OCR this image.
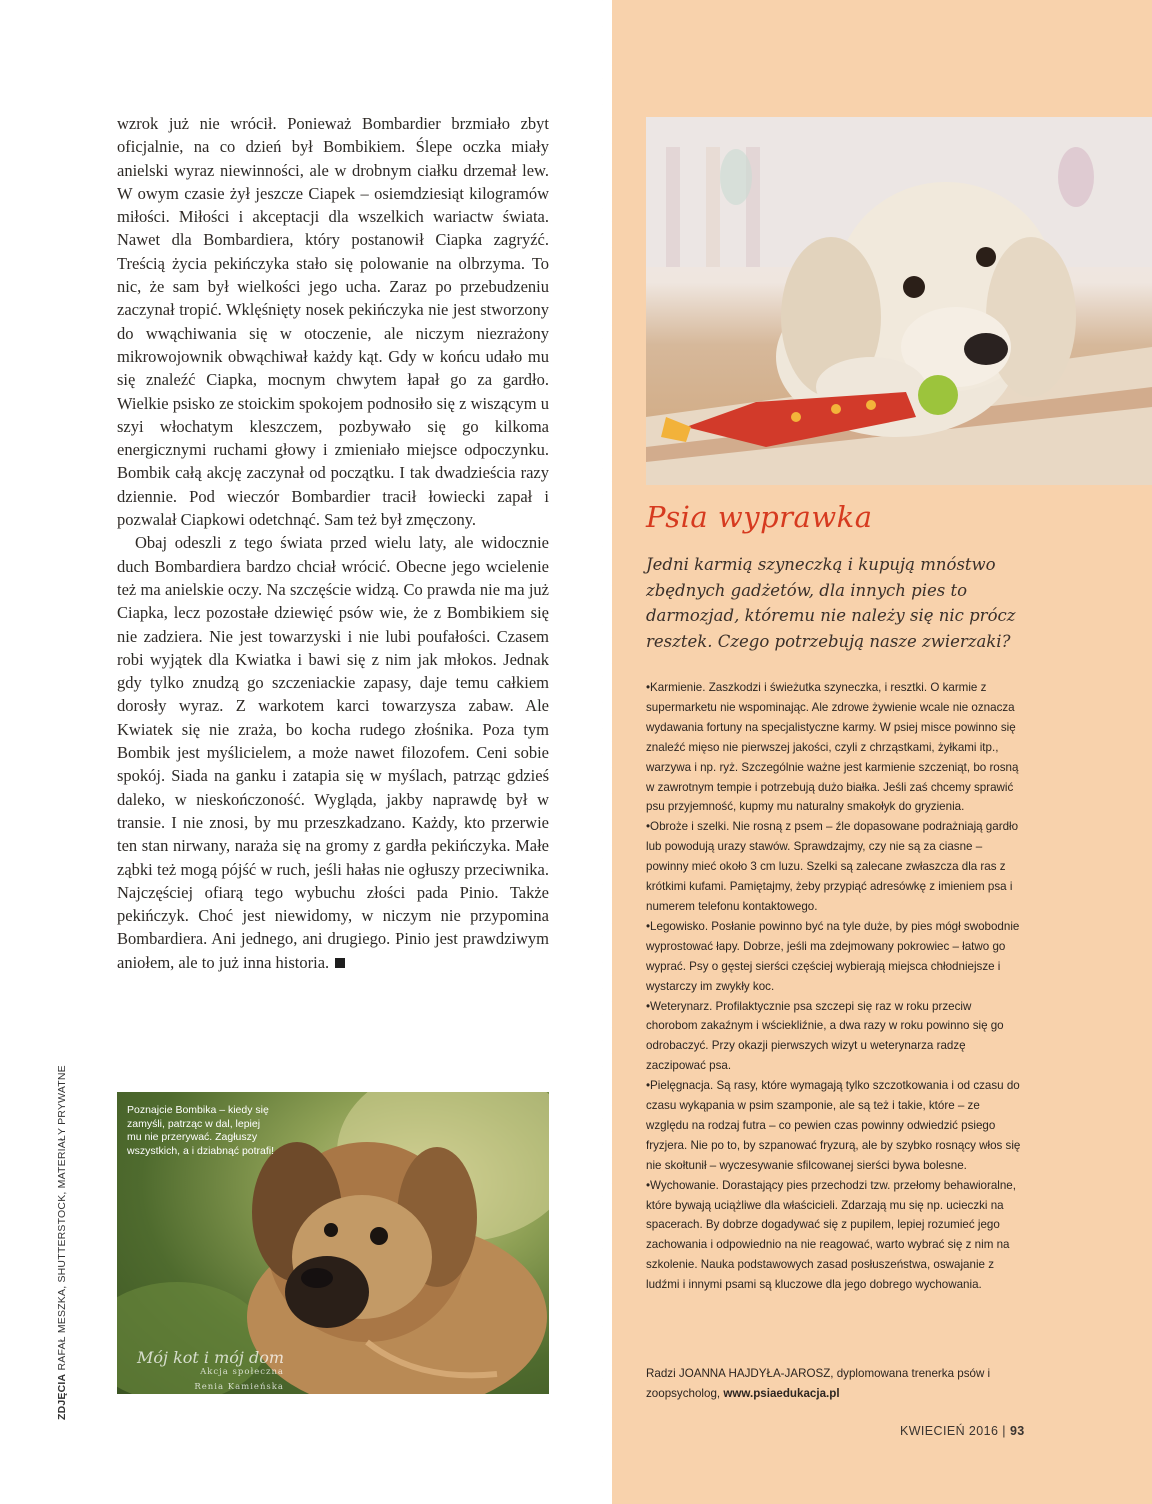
wzrok już nie wrócił. Ponieważ Bombardier brzmiało zbyt oficjalnie, na co dzień był Bombikiem. Ślepe oczka miały anielski wyraz niewinności, ale w drobnym ciałku drzemał lew. W owym czasie żył jeszcze Ciapek – osiemdziesiąt kilogramów miłości. Miłości i akceptacji dla wszelkich wariactw świata. Nawet dla Bombardiera, który postanowił Ciapka zagryźć. Treścią życia pekińczyka stało się polowanie na olbrzyma. To nic, że sam był wielkości jego ucha. Zaraz po przebudzeniu zaczynał tropić. Wklęśnięty nosek pekińczyka nie jest stworzony do wwąchiwania się w otoczenie, ale niczym niezrażony mikrowojownik obwąchiwał każdy kąt. Gdy w końcu udało mu się znaleźć Ciapka, mocnym chwytem łapał go za gardło. Wielkie psisko ze stoickim spokojem podnosiło się z wiszącym u szyi włochatym kleszczem, pozbywało się go kilkoma energicznymi ruchami głowy i zmieniało miejsce odpoczynku. Bombik całą akcję zaczynał od początku. I tak dwadzieścia razy dziennie. Pod wieczór Bombardier tracił łowiecki zapał i pozwalał Ciapkowi odetchnąć. Sam też był zmęczony.

Obaj odeszli z tego świata przed wielu laty, ale widocznie duch Bombardiera bardzo chciał wrócić. Obecne jego wcielenie też ma anielskie oczy. Na szczęście widzą. Co prawda nie ma już Ciapka, lecz pozostałe dziewięć psów wie, że z Bombikiem się nie zadziera. Nie jest towarzyski i nie lubi poufałości. Czasem robi wyjątek dla Kwiatka i bawi się z nim jak młokos. Jednak gdy tylko znudzą go szczeniackie zapasy, daje temu całkiem dorosły wyraz. Z warkotem karci towarzysza zabaw. Ale Kwiatek się nie zraża, bo kocha rudego złośnika. Poza tym Bombik jest myślicielem, a może nawet filozofem. Ceni sobie spokój. Siada na ganku i zatapia się w myślach, patrząc gdzieś daleko, w nieskończoność. Wygląda, jakby naprawdę był w transie. I nie znosi, by mu przeszkadzano. Każdy, kto przerwie ten stan nirwany, naraża się na gromy z gardła pekińczyka. Małe ząbki też mogą pójść w ruch, jeśli hałas nie ogłuszy przeciwnika. Najczęściej ofiarą tego wybuchu złości pada Pinio. Także pekińczyk. Choć jest niewidomy, w niczym nie przypomina Bombardiera. Ani jednego, ani drugiego. Pinio jest prawdziwym aniołem, ale to już inna historia.

Poznajcie Bombika – kiedy się zamyśli, patrząc w dal, lepiej mu nie przerywać. Zagłuszy wszystkich, a i dziabnąć potrafi!
Mój kot i mój dom
Akcja społeczna
Renia Kamieńska
ZDJĘCIA RAFAŁ MESZKA, SHUTTERSTOCK, MATERIAŁY PRYWATNE
Psia wyprawka
Jedni karmią szyneczką i kupują mnóstwo zbędnych gadżetów, dla innych pies to darmozjad, któremu nie należy się nic prócz resztek. Czego potrzebują nasze zwierzaki?

•Karmienie. Zaszkodzi i świeżutka szyneczka, i resztki. O karmie z supermarketu nie wspominając. Ale zdrowe żywienie wcale nie oznacza wydawania fortuny na specjalistyczne karmy. W psiej misce powinno się znaleźć mięso nie pierwszej jakości, czyli z chrząstkami, żyłkami itp., warzywa i np. ryż. Szczególnie ważne jest karmienie szczeniąt, bo rosną w zawrotnym tempie i potrzebują dużo białka. Jeśli zaś chcemy sprawić psu przyjemność, kupmy mu naturalny smakołyk do gryzienia.

•Obroże i szelki. Nie rosną z psem – źle dopasowane podrażniają gardło lub powodują urazy stawów. Sprawdzajmy, czy nie są za ciasne – powinny mieć około 3 cm luzu. Szelki są zalecane zwłaszcza dla ras z krótkimi kufami. Pamiętajmy, żeby przypiąć adresówkę z imieniem psa i numerem telefonu kontaktowego.

•Legowisko. Posłanie powinno być na tyle duże, by pies mógł swobodnie wyprostować łapy. Dobrze, jeśli ma zdejmowany pokrowiec – łatwo go wyprać. Psy o gęstej sierści częściej wybierają miejsca chłodniejsze i wystarczy im zwykły koc.

•Weterynarz. Profilaktycznie psa szczepi się raz w roku przeciw chorobom zakaźnym i wściekliźnie, a dwa razy w roku powinno się go odrobaczyć. Przy okazji pierwszych wizyt u weterynarza radzę zaczipować psa.

•Pielęgnacja. Są rasy, które wymagają tylko szczotkowania i od czasu do czasu wykąpania w psim szamponie, ale są też i takie, które – ze względu na rodzaj futra – co pewien czas powinny odwiedzić psiego fryzjera. Nie po to, by szpanować fryzurą, ale by szybko rosnący włos się nie skołtunił – wyczesywanie sfilcowanej sierści bywa bolesne.

•Wychowanie. Dorastający pies przechodzi tzw. przełomy behawioralne, które bywają uciążliwe dla właścicieli. Zdarzają mu się np. ucieczki na spacerach. By dobrze dogadywać się z pupilem, lepiej rozumieć jego zachowania i odpowiednio na nie reagować, warto wybrać się z nim na szkolenie. Nauka podstawowych zasad posłuszeństwa, oswajanie z ludźmi i innymi psami są kluczowe dla jego dobrego wychowania.

Radzi JOANNA HAJDYŁA-JAROSZ, dyplomowana trenerka psów i zoopsycholog, www.psiaedukacja.pl
KWIECIEŃ 2016 | 93
